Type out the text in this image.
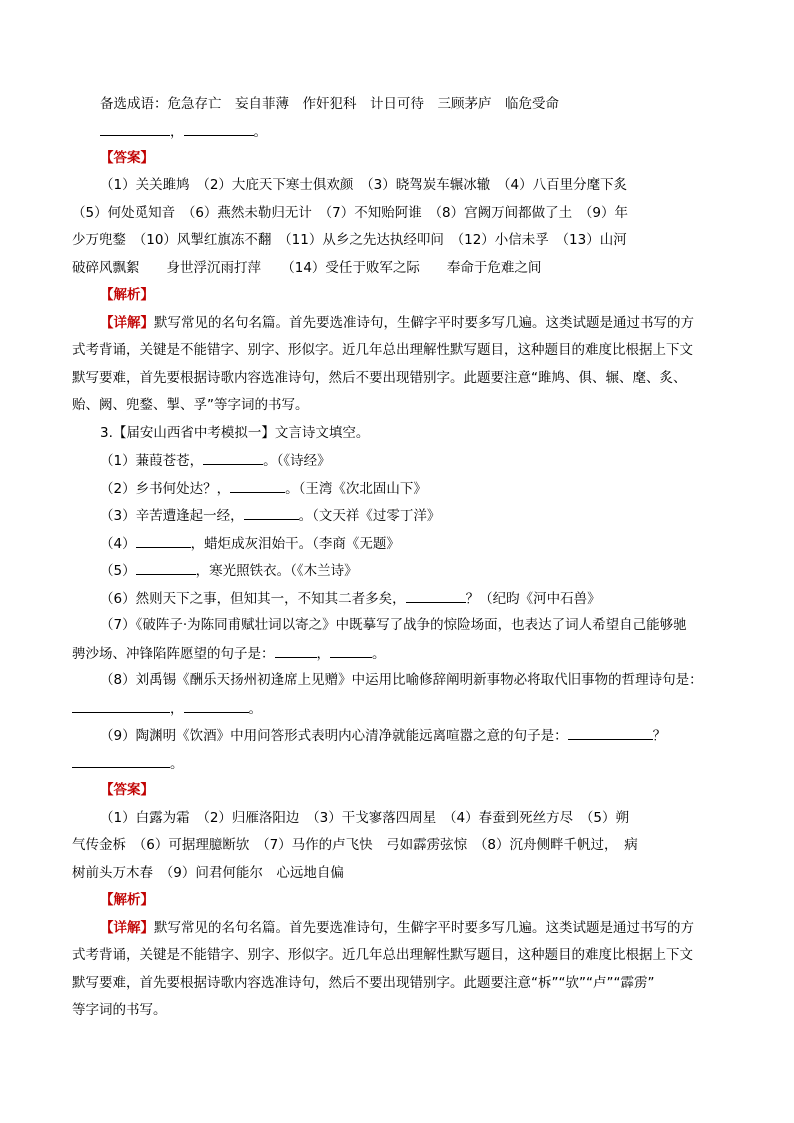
备选成语：危急存亡　妄自菲薄　作奸犯科　计日可待　三顾茅庐　临危受命
，	。
【答案】
（1）关关雎鸠　（2）大庇天下寒士俱欢颜　（3）晓驾炭车辗冰辙　（4）八百里分麾下炙
（5）何处觅知音　（6）燕然未勒归无计　（7）不知贻阿谁　（8）宫阙万间都做了土　（9）年
少万兜鍪　（10）风掣红旗冻不翻　（11）从乡之先达执经叩问　（12）小信未孚　（13）山河
破碎风飘絮　　身世浮沉雨打萍　　（14）受任于败军之际　　奉命于危难之间
【解析】
【详解】默写常见的名句名篇。首先要选准诗句，生僻字平时要多写几遍。这类试题是通过书写的方
式考背诵，关键是不能错字、别字、形似字。近几年总出理解性默写题目，这种题目的难度比根据上下文
默写要难，首先要根据诗歌内容选准诗句，然后不要出现错别字。此题要注意“雎鸠、俱、辗、麾、炙、
贻、阙、兜鍪、掣、孚”等字词的书写。
3.【届安山西省中考模拟一】文言诗文填空。
（1）蒹葭苍苍，	。（《诗经》
（2）乡书何处达？，	。（王湾《次北固山下》
（3）辛苦遭逢起一经，	。（文天祥《过零丁洋》
（4）	，蜡炬成灰泪始干。（李商《无题》
（5）	，寒光照铁衣。（《木兰诗》
（6）然则天下之事，但知其一，不知其二者多矣，	？（纪昀《河中石兽》
（7）《破阵子·为陈同甫赋壮词以寄之》中既摹写了战争的惊险场面，也表达了词人希望自己能够驰
骋沙场、冲锋陷阵愿望的句子是：	，	。
（8）刘禹锡《酬乐天扬州初逢席上见赠》中运用比喻修辞阐明新事物必将取代旧事物的哲理诗句是：
，	。
（9）陶渊明《饮酒》中用问答形式表明内心清净就能远离喧嚣之意的句子是：	？
。
【答案】
（1）白露为霜　（2）归雁洛阳边　（3）干戈寥落四周星　（4）春蚕到死丝方尽　（5）朔
气传金柝　（6）可据理臆断欤　（7）马作的卢飞快　弓如霹雳弦惊　（8）沉舟侧畔千帆过，　病
树前头万木春　（9）问君何能尔　心远地自偏
【解析】
【详解】默写常见的名句名篇。首先要选准诗句，生僻字平时要多写几遍。这类试题是通过书写的方
式考背诵，关键是不能错字、别字、形似字。近几年总出理解性默写题目，这种题目的难度比根据上下文
默写要难，首先要根据诗歌内容选准诗句，然后不要出现错别字。此题要注意“柝”“欤”“卢”“霹雳”
等字词的书写。
